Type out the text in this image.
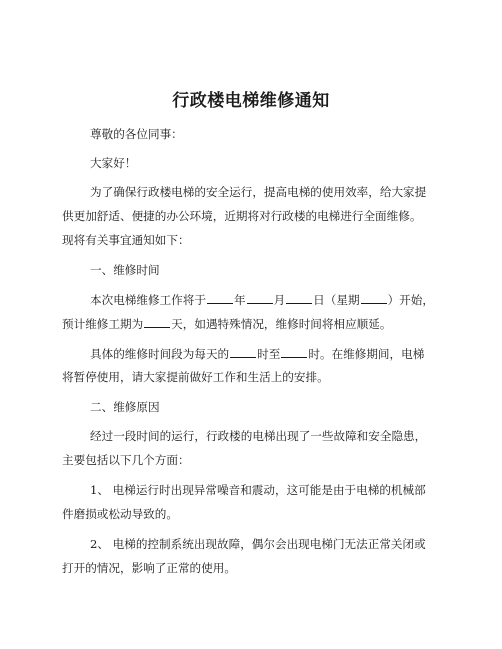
行政楼电梯维修通知
尊敬的各位同事：
大家好！
为了确保行政楼电梯的安全运行，提高电梯的使用效率，给大家提
供更加舒适、便捷的办公环境，近期将对行政楼的电梯进行全面维修。
现将有关事宜通知如下：
一、维修时间
本次电梯维修工作将于 年 月 日（星期 ）开始，
预计维修工期为 天，如遇特殊情况，维修时间将相应顺延。
具体的维修时间段为每天的 时至 时。在维修期间，电梯
将暂停使用，请大家提前做好工作和生活上的安排。
二、维修原因
经过一段时间的运行，行政楼的电梯出现了一些故障和安全隐患，
主要包括以下几个方面：
1、 电梯运行时出现异常噪音和震动，这可能是由于电梯的机械部
件磨损或松动导致的。
2、 电梯的控制系统出现故障，偶尔会出现电梯门无法正常关闭或
打开的情况，影响了正常的使用。
